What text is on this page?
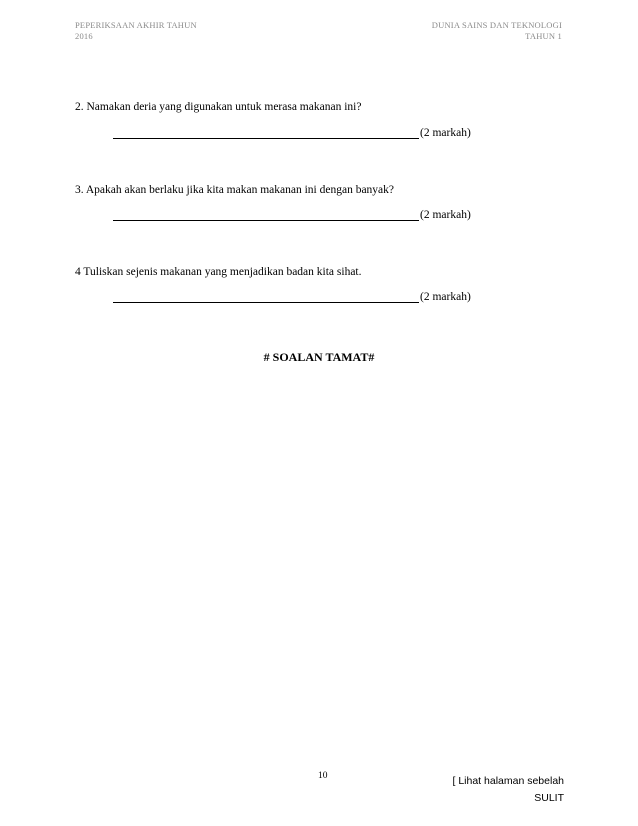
PEPERIKSAAN AKHIR TAHUN
2016
DUNIA SAINS DAN TEKNOLOGI
TAHUN 1
2. Namakan deria yang digunakan untuk merasa makanan ini?
(2 markah)
3. Apakah akan berlaku jika kita makan makanan ini dengan banyak?
(2 markah)
4 Tuliskan sejenis makanan yang menjadikan badan kita sihat.
(2 markah)
# SOALAN TAMAT#
10	[ Lihat halaman sebelah
SULIT
